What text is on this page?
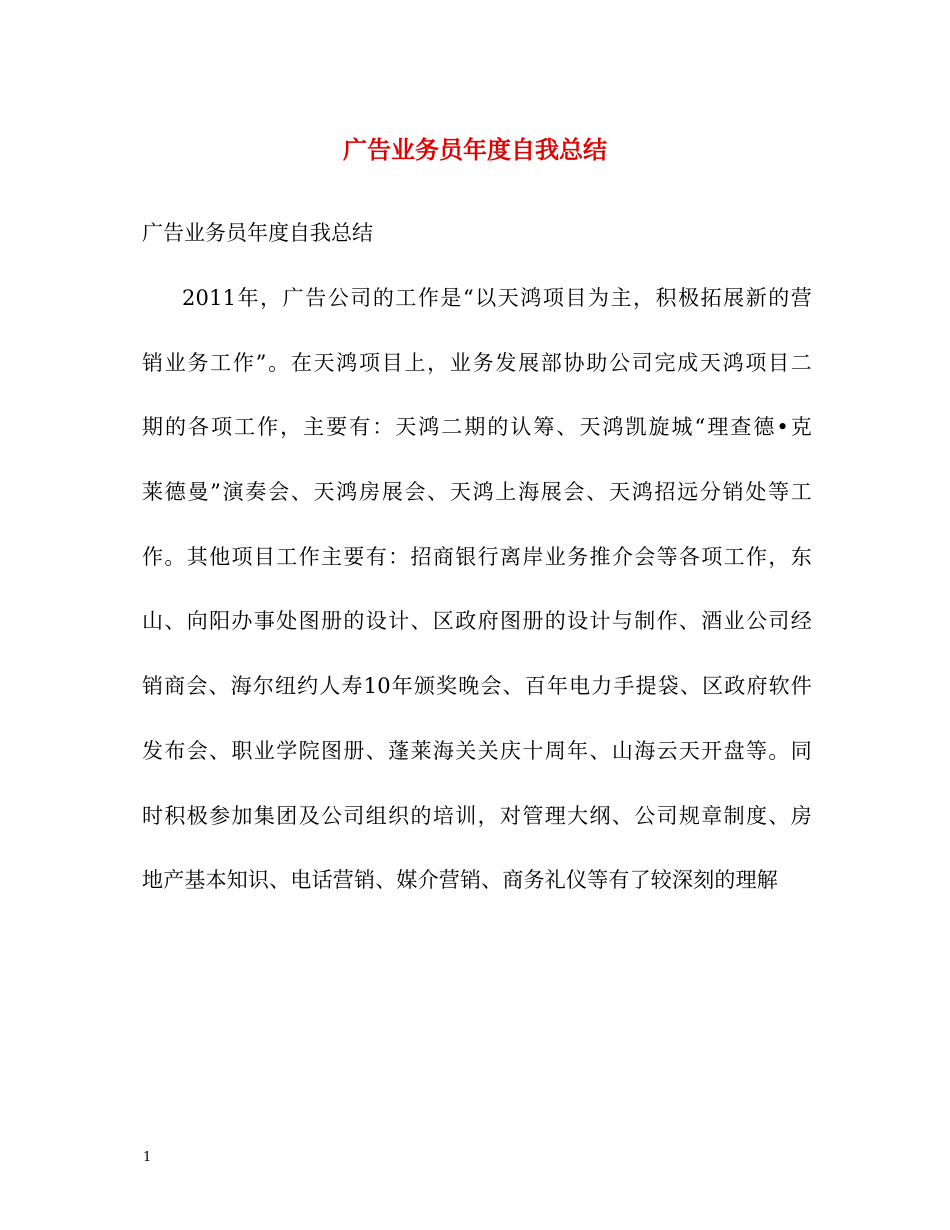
广告业务员年度自我总结

广告业务员年度自我总结

2011年，广告公司的工作是“以天鸿项目为主，积极拓展新的营
销业务工作”。在天鸿项目上，业务发展部协助公司完成天鸿项目二
期的各项工作，主要有：天鸿二期的认筹、天鸿凯旋城“理查德•克
莱德曼”演奏会、天鸿房展会、天鸿上海展会、天鸿招远分销处等工
作。其他项目工作主要有：招商银行离岸业务推介会等各项工作，东
山、向阳办事处图册的设计、区政府图册的设计与制作、酒业公司经
销商会、海尔纽约人寿10年颁奖晚会、百年电力手提袋、区政府软件
发布会、职业学院图册、蓬莱海关关庆十周年、山海云天开盘等。同
时积极参加集团及公司组织的培训，对管理大纲、公司规章制度、房
地产基本知识、电话营销、媒介营销、商务礼仪等有了较深刻的理解

1
